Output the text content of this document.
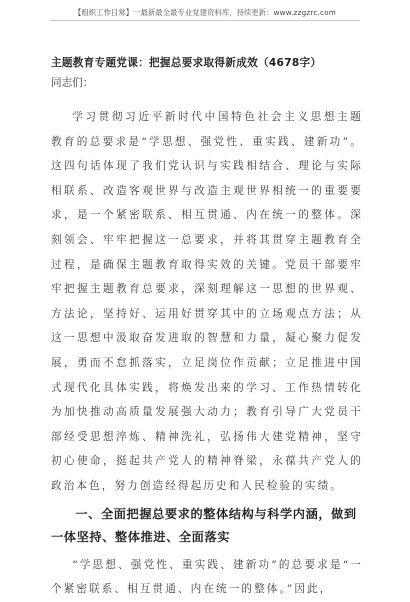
【组织工作日常】一最新最全最专业党建资料库，持续更新：www.zzgzrc.com
主题教育专题党课：把握总要求取得新成效（4678字）
同志们：

学习贯彻习近平新时代中国特色社会主义思想主题教育的总要求是“学思想、强党性、重实践、建新功”。这四句话体现了我们党认识与实践相结合、理论与实际相联系、改造客观世界与改造主观世界相统一的重要要求，是一个紧密联系、相互贯通、内在统一的整体。深刻领会、牢牢把握这一总要求，并将其贯穿主题教育全过程，是确保主题教育取得实效的关键。党员干部要牢牢把握主题教育总要求，深刻理解这一思想的世界观、方法论，坚持好、运用好贯穿其中的立场观点方法；从这一思想中汲取奋发进取的智慧和力量，凝心聚力促发展，勇而不怠抓落实，立足岗位作贡献；立足推进中国式现代化具体实践，将焕发出来的学习、工作热情转化为加快推动高质量发展强大动力；教育引导广大党员干部经受思想淬炼、精神洗礼，弘扬伟大建党精神，坚守初心使命，挺起共产党人的精神脊梁，永葆共产党人的政治本色，努力创造经得起历史和人民检验的实绩。

一、全面把握总要求的整体结构与科学内涵，做到一体坚持、整体推进、全面落实

“学思想、强党性、重实践、建新功”的总要求是“一个紧密联系、相互贯通、内在统一的整体。”因此，
